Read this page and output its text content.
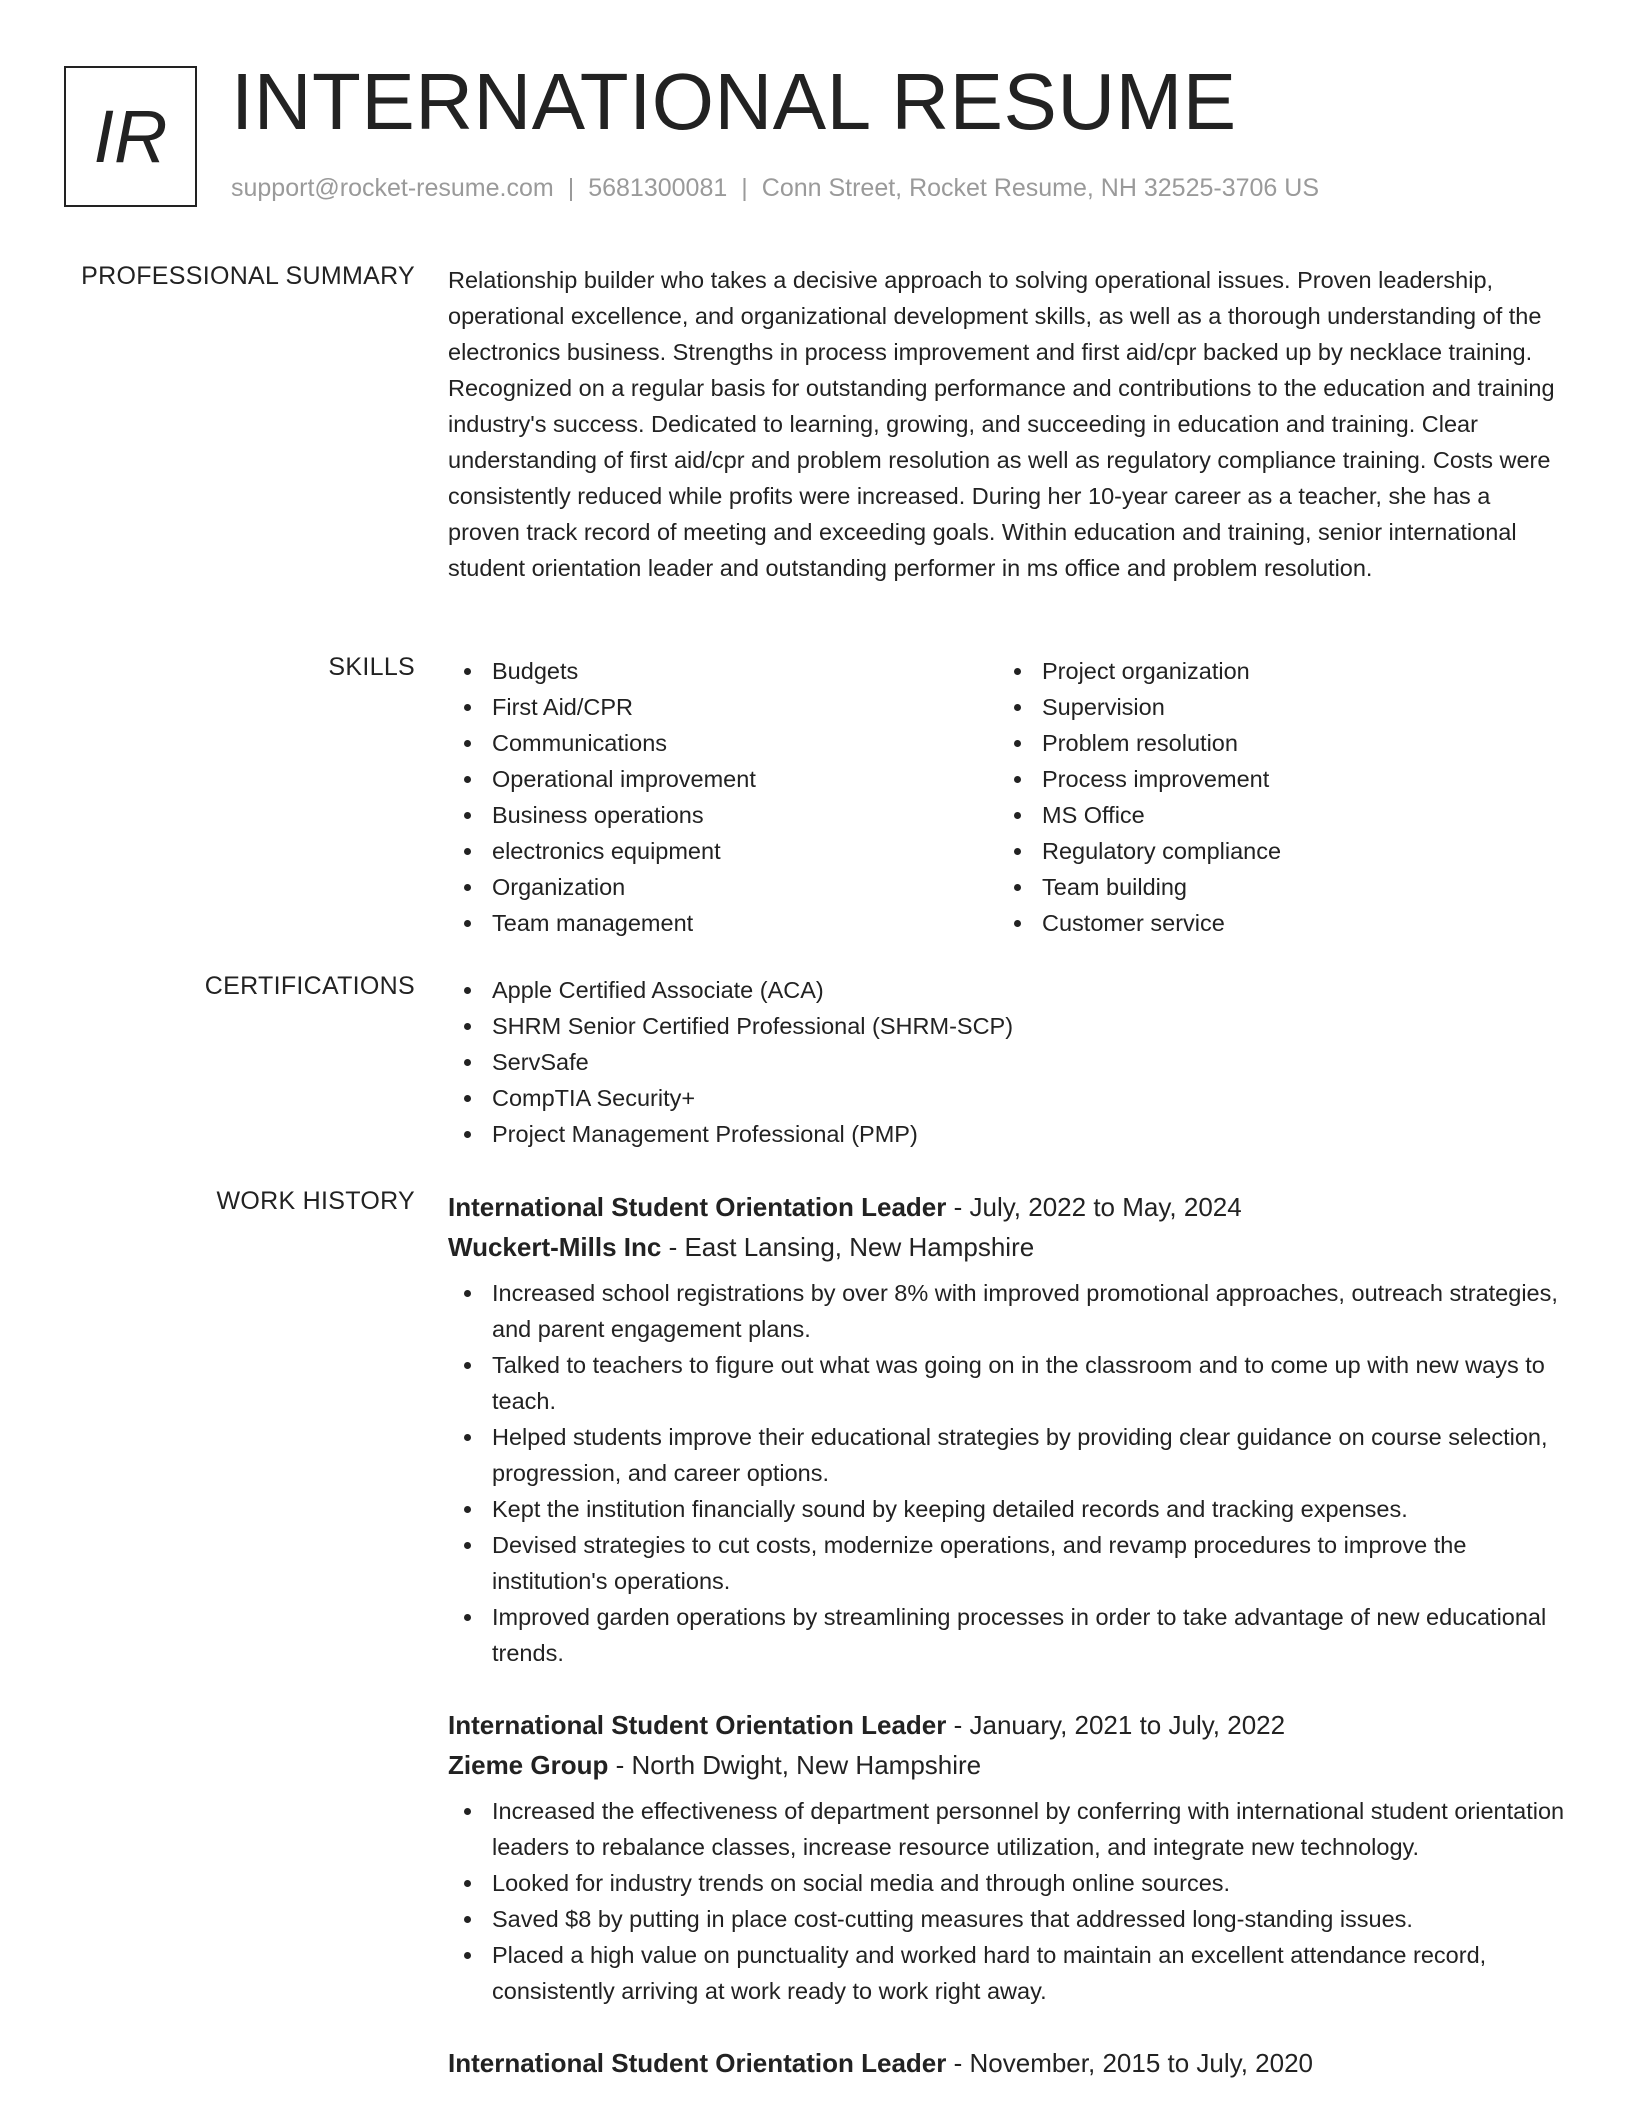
IR INTERNATIONAL RESUME
support@rocket-resume.com | 5681300081 | Conn Street, Rocket Resume, NH 32525-3706 US
PROFESSIONAL SUMMARY Relationship builder who takes a decisive approach to solving operational issues. Proven leadership, operational excellence, and organizational development skills, as well as a thorough understanding of the electronics business. Strengths in process improvement and first aid/cpr backed up by necklace training. Recognized on a regular basis for outstanding performance and contributions to the education and training industry's success. Dedicated to learning, growing, and succeeding in education and training. Clear understanding of first aid/cpr and problem resolution as well as regulatory compliance training. Costs were consistently reduced while profits were increased. During her 10-year career as a teacher, she has a proven track record of meeting and exceeding goals. Within education and training, senior international student orientation leader and outstanding performer in ms office and problem resolution.

SKILLS	Budgets
First Aid/CPR
Communications
Operational improvement
Business operations
electronics equipment
Organization
Team management
Project organization
Supervision
Problem resolution
Process improvement
MS Office
Regulatory compliance
Team building
Customer service
CERTIFICATIONS	Apple Certified Associate (ACA)
SHRM Senior Certified Professional (SHRM-SCP)
ServSafe
CompTIA Security+
Project Management Professional (PMP)
WORK HISTORY International Student Orientation Leader - July, 2022 to May, 2024
Wuckert-Mills Inc - East Lansing, New Hampshire
Increased school registrations by over 8% with improved promotional approaches, outreach strategies, and parent engagement plans.
Talked to teachers to figure out what was going on in the classroom and to come up with new ways to teach.
Helped students improve their educational strategies by providing clear guidance on course selection, progression, and career options.
Kept the institution financially sound by keeping detailed records and tracking expenses.
Devised strategies to cut costs, modernize operations, and revamp procedures to improve the institution's operations.
Improved garden operations by streamlining processes in order to take advantage of new educational trends.
International Student Orientation Leader - January, 2021 to July, 2022
Zieme Group - North Dwight, New Hampshire
Increased the effectiveness of department personnel by conferring with international student orientation leaders to rebalance classes, increase resource utilization, and integrate new technology.
Looked for industry trends on social media and through online sources.
Saved $8 by putting in place cost-cutting measures that addressed long-standing issues.
Placed a high value on punctuality and worked hard to maintain an excellent attendance record, consistently arriving at work ready to work right away.
International Student Orientation Leader - November, 2015 to July, 2020
